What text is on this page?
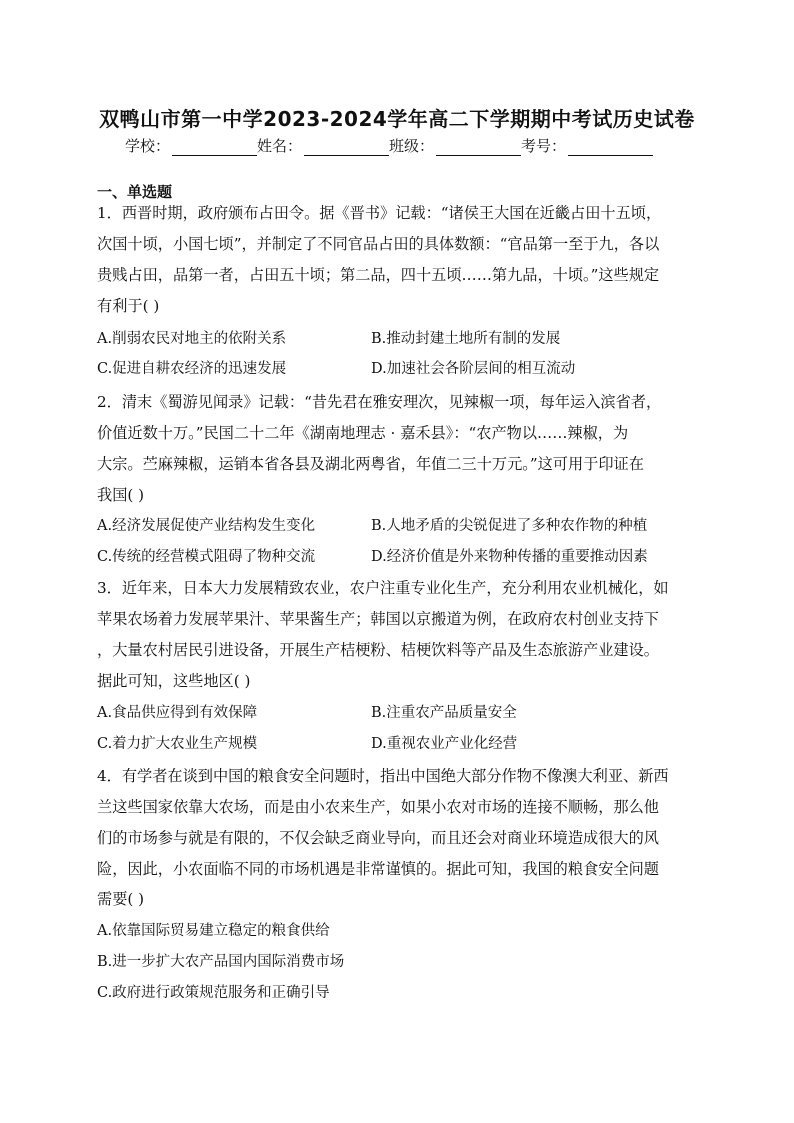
双鸭山市第一中学2023-2024学年高二下学期期中考试历史试卷
学校：	姓名：	班级：	考号：
一、单选题
1．西晋时期，政府颁布占田令。据《晋书》记载：“诸侯王大国在近畿占田十五顷，
次国十顷，小国七顷”，并制定了不同官品占田的具体数额：“官品第一至于九，各以
贵贱占田，品第一者，占田五十顷；第二品，四十五顷……第九品，十顷。”这些规定
有利于( )
A.削弱农民对地主的依附关系	B.推动封建土地所有制的发展
C.促进自耕农经济的迅速发展	D.加速社会各阶层间的相互流动
2．清末《蜀游见闻录》记载：“昔先君在雅安理次，见辣椒一项，每年运入滨省者，
价值近数十万。”民国二十二年《湖南地理志 · 嘉禾县》：“农产物以……辣椒，为
大宗。苎麻辣椒，运销本省各县及湖北两粤省，年值二三十万元。”这可用于印证在
我国( )
A.经济发展促使产业结构发生变化	B.人地矛盾的尖锐促进了多种农作物的种植
C.传统的经营模式阻碍了物种交流	D.经济价值是外来物种传播的重要推动因素
3．近年来，日本大力发展精致农业，农户注重专业化生产，充分利用农业机械化，如
苹果农场着力发展苹果汁、苹果酱生产；韩国以京搬道为例，在政府农村创业支持下
，大量农村居民引进设备，开展生产桔梗粉、桔梗饮料等产品及生态旅游产业建设。
据此可知，这些地区( )
A.食品供应得到有效保障	B.注重农产品质量安全
C.着力扩大农业生产规模	D.重视农业产业化经营
4．有学者在谈到中国的粮食安全问题时，指出中国绝大部分作物不像澳大利亚、新西
兰这些国家依靠大农场，而是由小农来生产，如果小农对市场的连接不顺畅，那么他
们的市场参与就是有限的，不仅会缺乏商业导向，而且还会对商业环境造成很大的风
险，因此，小农面临不同的市场机遇是非常谨慎的。据此可知，我国的粮食安全问题
需要( )
A.依靠国际贸易建立稳定的粮食供给
B.进一步扩大农产品国内国际消费市场
C.政府进行政策规范服务和正确引导
